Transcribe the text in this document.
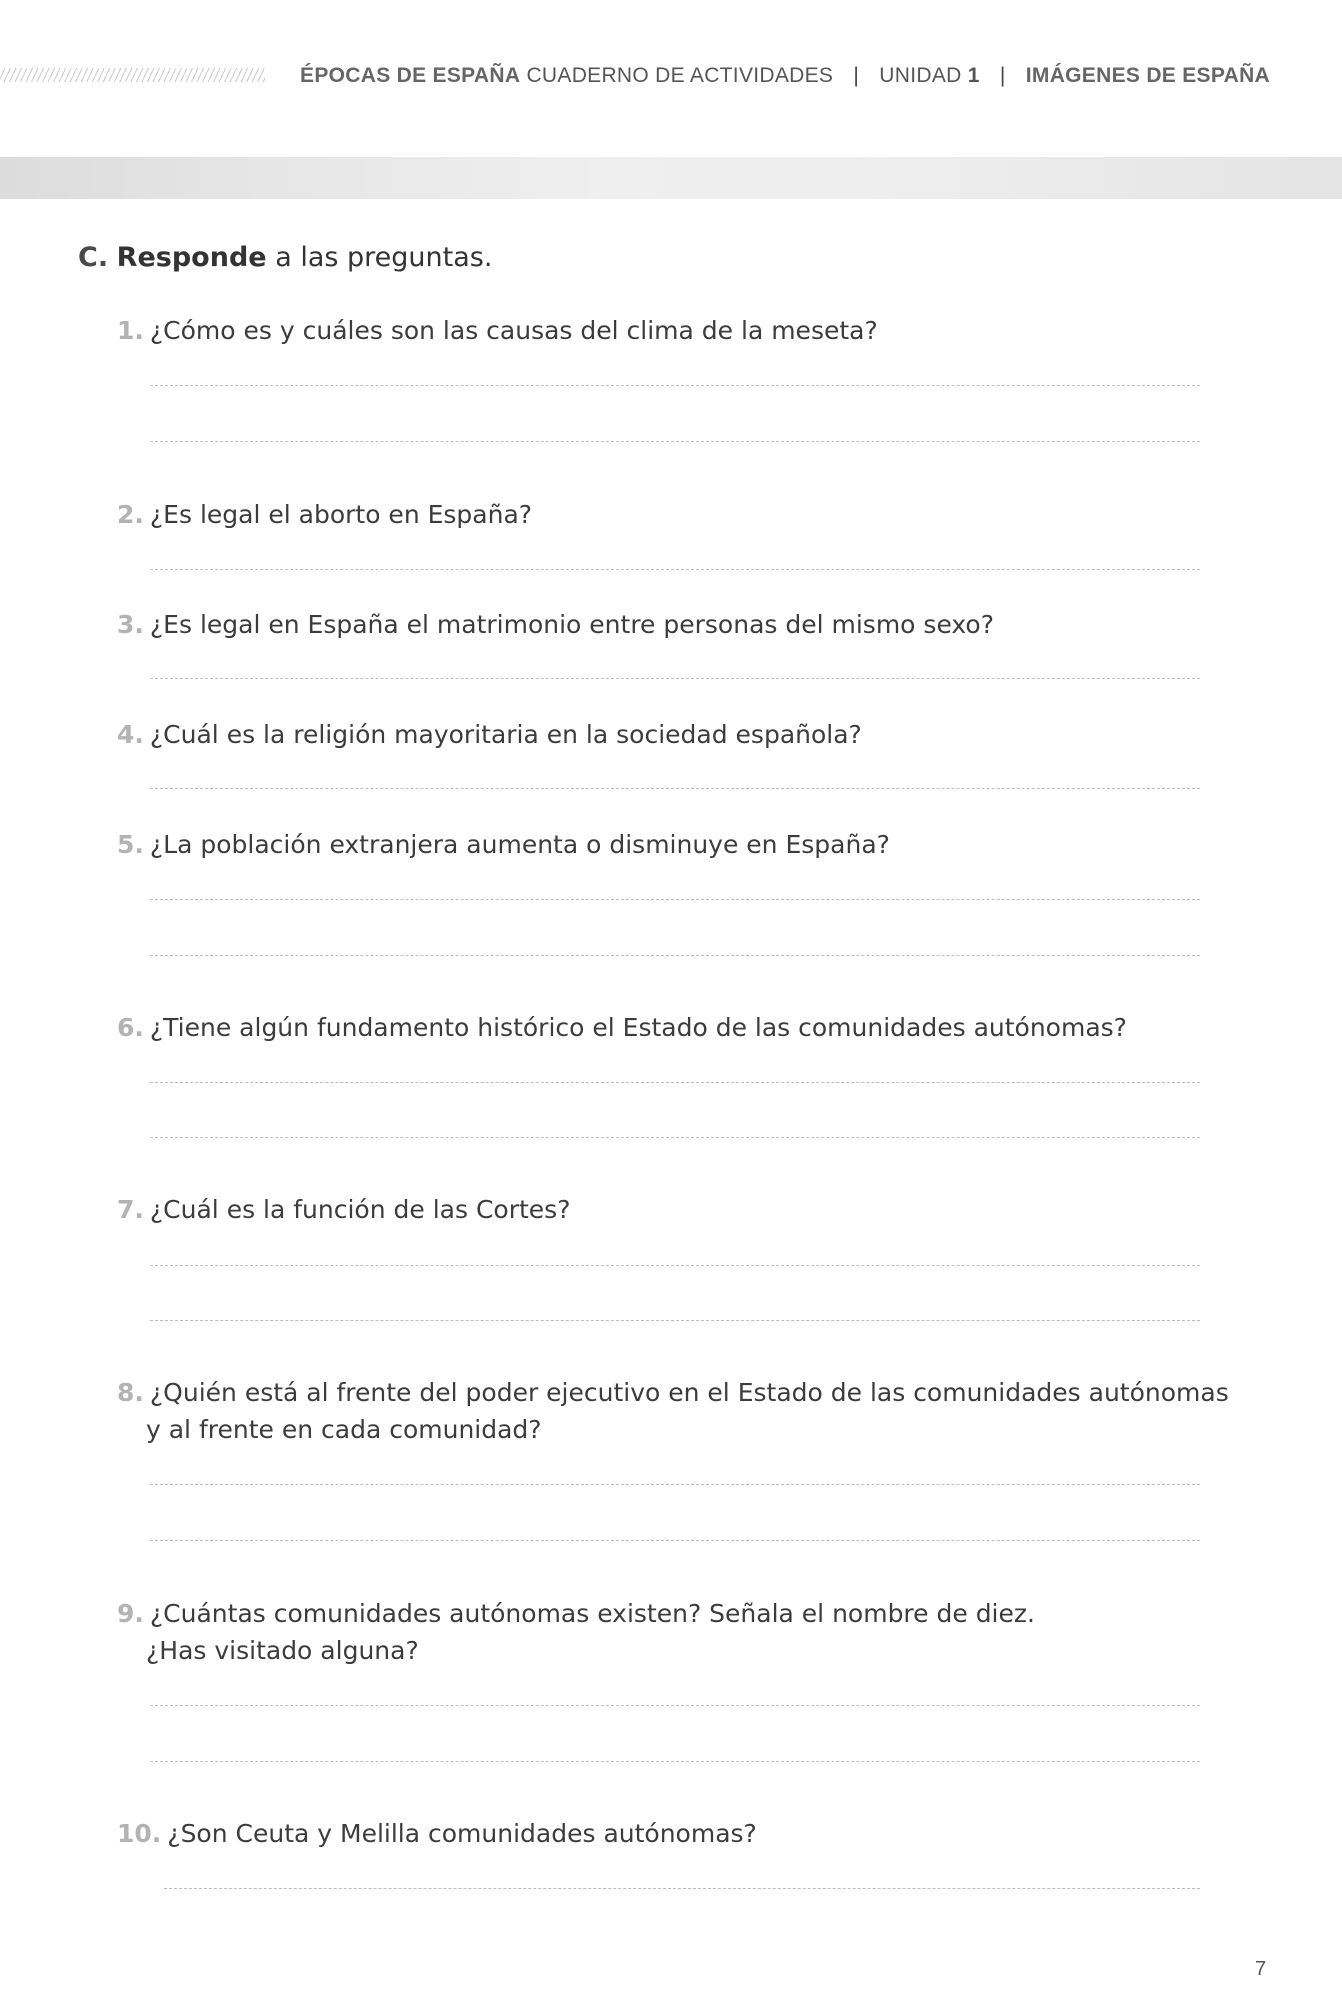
ÉPOCAS DE ESPAÑA CUADERNO DE ACTIVIDADES | UNIDAD 1 | IMÁGENES DE ESPAÑA
C. Responde a las preguntas.
1. ¿Cómo es y cuáles son las causas del clima de la meseta?
2. ¿Es legal el aborto en España?
3. ¿Es legal en España el matrimonio entre personas del mismo sexo?
4. ¿Cuál es la religión mayoritaria en la sociedad española?
5. ¿La población extranjera aumenta o disminuye en España?
6. ¿Tiene algún fundamento histórico el Estado de las comunidades autónomas?
7. ¿Cuál es la función de las Cortes?
8. ¿Quién está al frente del poder ejecutivo en el Estado de las comunidades autónomas
y al frente en cada comunidad?
9. ¿Cuántas comunidades autónomas existen? Señala el nombre de diez.
¿Has visitado alguna?
10. ¿Son Ceuta y Melilla comunidades autónomas?
7
